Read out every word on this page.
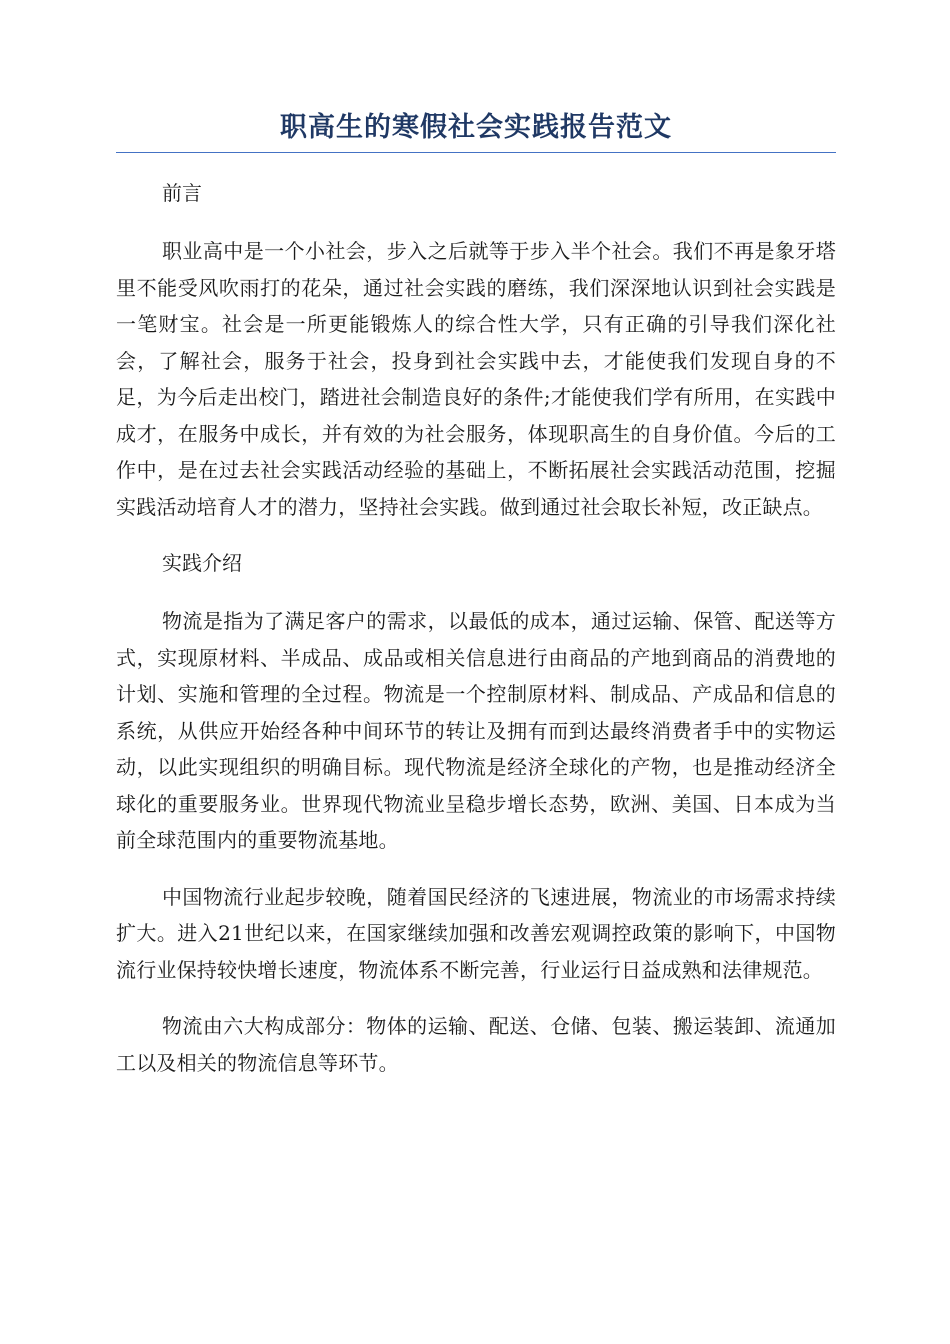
职高生的寒假社会实践报告范文
前言

职业高中是一个小社会，步入之后就等于步入半个社会。我们不再是象牙塔里不能受风吹雨打的花朵，通过社会实践的磨练，我们深深地认识到社会实践是一笔财宝。社会是一所更能锻炼人的综合性大学，只有正确的引导我们深化社会，了解社会，服务于社会，投身到社会实践中去，才能使我们发现自身的不足，为今后走出校门，踏进社会制造良好的条件;才能使我们学有所用，在实践中成才，在服务中成长，并有效的为社会服务，体现职高生的自身价值。今后的工作中，是在过去社会实践活动经验的基础上，不断拓展社会实践活动范围，挖掘实践活动培育人才的潜力，坚持社会实践。做到通过社会取长补短，改正缺点。

实践介绍

物流是指为了满足客户的需求，以最低的成本，通过运输、保管、配送等方式，实现原材料、半成品、成品或相关信息进行由商品的产地到商品的消费地的计划、实施和管理的全过程。物流是一个控制原材料、制成品、产成品和信息的系统，从供应开始经各种中间环节的转让及拥有而到达最终消费者手中的实物运动，以此实现组织的明确目标。现代物流是经济全球化的产物，也是推动经济全球化的重要服务业。世界现代物流业呈稳步增长态势，欧洲、美国、日本成为当前全球范围内的重要物流基地。

中国物流行业起步较晚，随着国民经济的飞速进展，物流业的市场需求持续扩大。进入21世纪以来，在国家继续加强和改善宏观调控政策的影响下，中国物流行业保持较快增长速度，物流体系不断完善，行业运行日益成熟和法律规范。

物流由六大构成部分：物体的运输、配送、仓储、包装、搬运装卸、流通加工以及相关的物流信息等环节。
